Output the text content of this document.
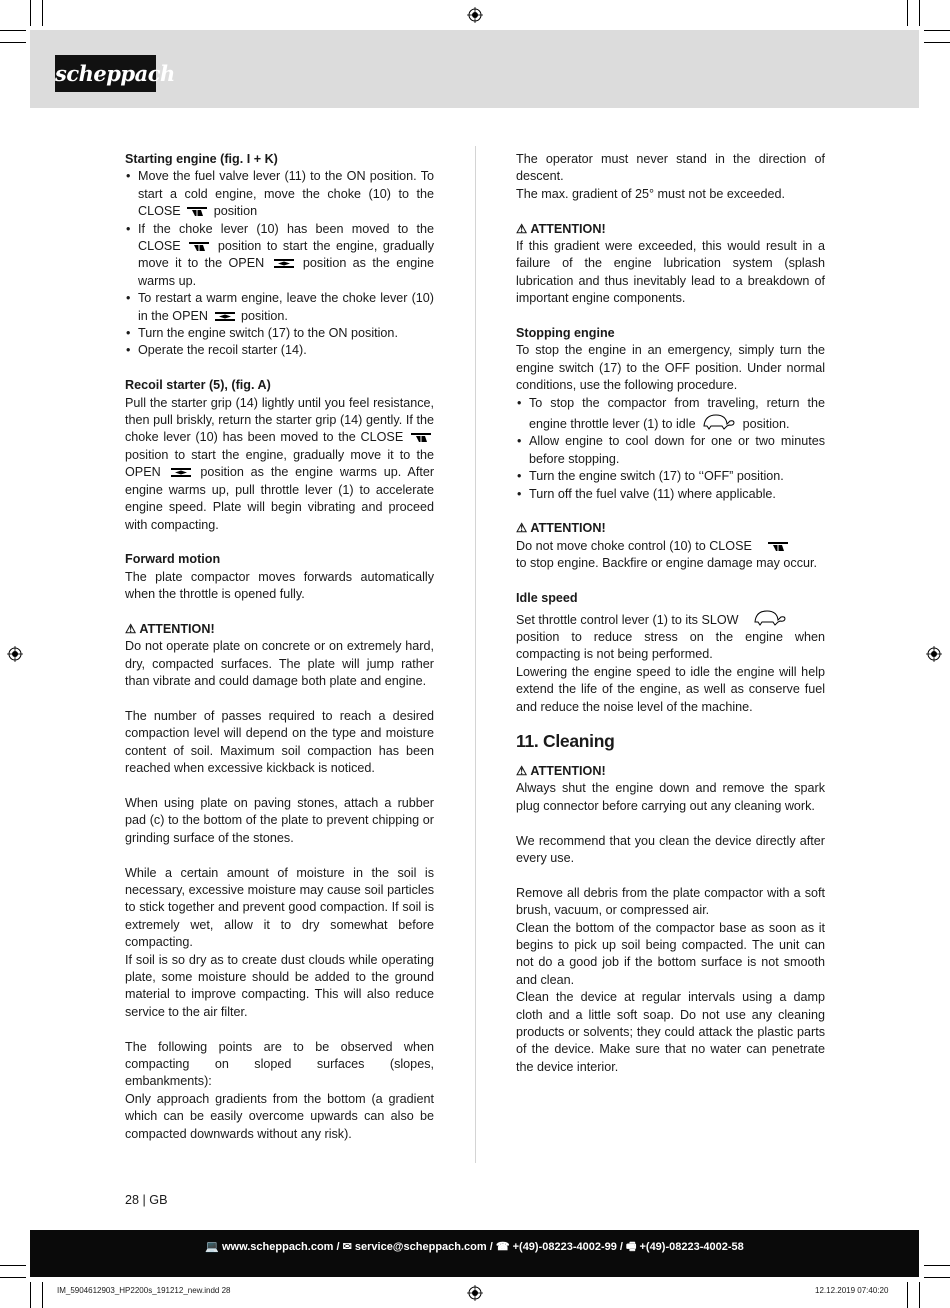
scheppach

Starting engine (fig. I + K)

• Move the fuel valve lever (11) to the ON position. To start a cold engine, move the choke (10) to the CLOSE	position
• If the choke lever (10) has been moved to the CLOSE	position to start the engine, gradually move it to the OPEN	position as the engine warms up.
• To restart a warm engine, leave the choke lever (10) in the OPEN	position.
• Turn the engine switch (17) to the ON position.
• Operate the recoil starter (14).

Recoil starter (5), (fig. A)

Pull the starter grip (14) lightly until you feel resistance, then pull briskly, return the starter grip (14) gently. If the choke lever (10) has been moved to the CLOSE  position to start the engine, gradually move it to the OPEN	position as the engine warms up. After engine warms up, pull throttle lever (1) to accelerate engine speed. Plate will begin vibrating and proceed with compacting.

Forward motion

The plate compactor moves forwards automatically when the throttle is opened fully.

⚠ ATTENTION!

Do not operate plate on concrete or on extremely hard, dry, compacted surfaces. The plate will jump rather than vibrate and could damage both plate and engine.

The number of passes required to reach a desired compaction level will depend on the type and moisture content of soil. Maximum soil compaction has been reached when excessive kickback is noticed.

When using plate on paving stones, attach a rubber pad (c) to the bottom of the plate to prevent chipping or grinding surface of the stones.

While a certain amount of moisture in the soil is necessary, excessive moisture may cause soil particles to stick together and prevent good compaction. If soil is extremely wet, allow it to dry somewhat before compacting.

If soil is so dry as to create dust clouds while operating plate, some moisture should be added to the ground material to improve compacting. This will also reduce service to the air filter.

The following points are to be observed when compacting on sloped surfaces (slopes, embankments):

Only approach gradients from the bottom (a gradient which can be easily overcome upwards can also be compacted downwards without any risk).

The operator must never stand in the direction of descent.

The max. gradient of 25° must not be exceeded.

⚠ ATTENTION!

If this gradient were exceeded, this would result in a failure of the engine lubrication system (splash lubrication and thus inevitably lead to a breakdown of important engine components.

Stopping engine

To stop the engine in an emergency, simply turn the engine switch (17) to the OFF position. Under normal conditions, use the following procedure.

• To stop the compactor from traveling, return the engine throttle lever (1) to idle	position.
• Allow engine to cool down for one or two minutes before stopping.
• Turn the engine switch (17) to ‘‘OFF” position.
• Turn off the fuel valve (11) where applicable.

⚠ ATTENTION!

Do not move choke control (10) to CLOSE

to stop engine. Backfire or engine damage may occur.

Idle speed

Set throttle control lever (1) to its SLOW

position to reduce stress on the engine when compacting is not being performed.

Lowering the engine speed to idle the engine will help extend the life of the engine, as well as conserve fuel and reduce the noise level of the machine.

11. Cleaning

⚠ ATTENTION!

Always shut the engine down and remove the spark plug connector before carrying out any cleaning work.

We recommend that you clean the device directly after every use.

Remove all debris from the plate compactor with a soft brush, vacuum, or compressed air.

Clean the bottom of the compactor base as soon as it begins to pick up soil being compacted. The unit can not do a good job if the bottom surface is not smooth and clean.

Clean the device at regular intervals using a damp cloth and a little soft soap. Do not use any cleaning products or solvents; they could attack the plastic parts of the device. Make sure that no water can penetrate the device interior.

28 | GB
💻 www.scheppach.com / ✉ service@scheppach.com / ☎ +(49)-08223-4002-99 / 🖷 +(49)-08223-4002-58
IM_5904612903_HP2200s_191212_new.indd 28	12.12.2019 07:40:20
